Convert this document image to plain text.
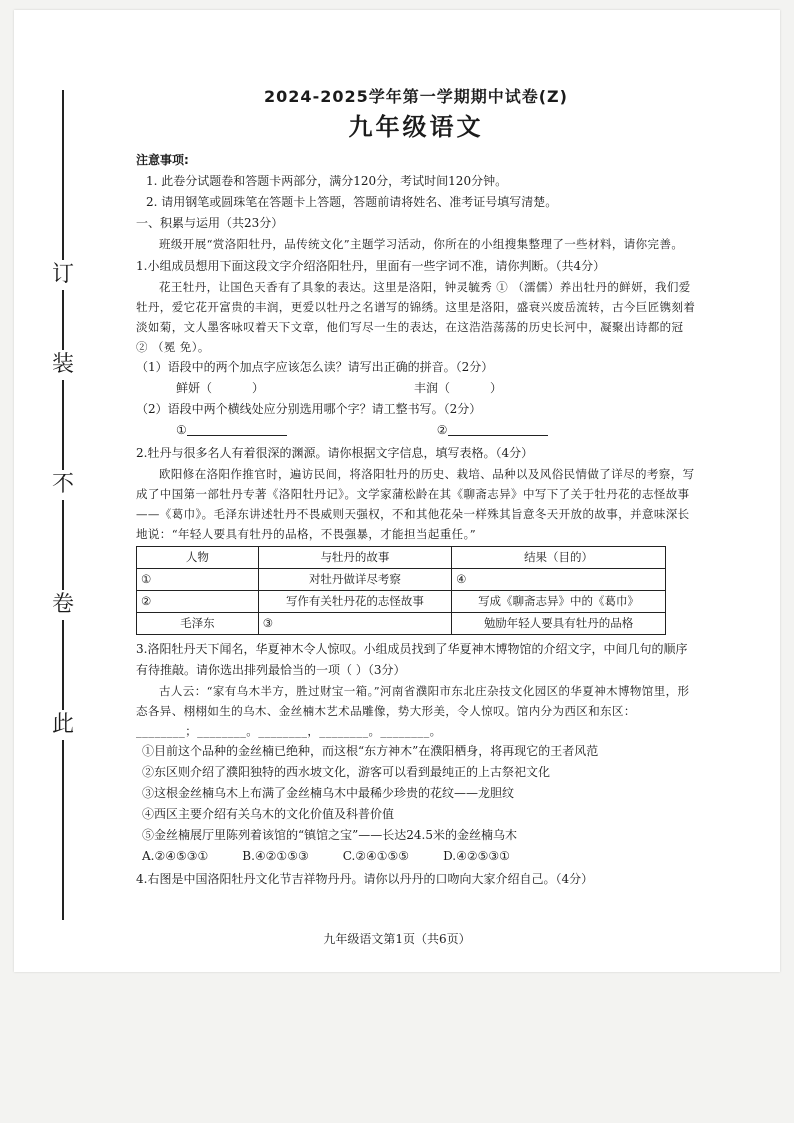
此
卷
不
装
订
2024-2025学年第一学期期中试卷(Z)
九年级语文
注意事项:
1. 此卷分试题卷和答题卡两部分，满分120分，考试时间120分钟。
2. 请用钢笔或圆珠笔在答题卡上答题，答题前请将姓名、准考证号填写清楚。
一、积累与运用（共23分）
班级开展“赏洛阳牡丹，品传统文化”主题学习活动，你所在的小组搜集整理了一些材料，请你完善。
1.小组成员想用下面这段文字介绍洛阳牡丹，里面有一些字词不准，请你判断。（共4分）
花王牡丹，让国色天香有了具象的表达。这里是洛阳，钟灵毓秀 ① （濡儒）养出牡丹的鲜妍，我们爱牡丹，爱它花开富贵的丰润，更爱以牡丹之名谱写的锦绣。这里是洛阳，盛衰兴废岳流转，古今巨匠镌刻着淡如菊，文人墨客咏叹着天下文章，他们写尽一生的表达，在这浩浩荡荡的历史长河中，凝聚出诗都的冠 ② （冕 免）。
（1）语段中的两个加点字应该怎么读？请写出正确的拼音。（2分）
鲜妍（	）	丰润（	）
（2）语段中两个横线处应分别选用哪个字？请工整书写。（2分）
①	②
2.牡丹与很多名人有着很深的渊源。请你根据文字信息，填写表格。（4分）
欧阳修在洛阳作推官时，遍访民间，将洛阳牡丹的历史、栽培、品种以及风俗民情做了详尽的考察，写成了中国第一部牡丹专著《洛阳牡丹记》。文学家蒲松龄在其《聊斋志异》中写下了关于牡丹花的志怪故事——《葛巾》。毛泽东讲述牡丹不畏威则天强权，不和其他花朵一样殊其旨意冬天开放的故事，并意味深长地说：“年轻人要具有牡丹的品格，不畏强暴，才能担当起重任。”
人物	与牡丹的故事	结果（目的）
①	对牡丹做详尽考察	④
②	写作有关牡丹花的志怪故事	写成《聊斋志异》中的《葛巾》
毛泽东	③	勉励年轻人要具有牡丹的品格
3.洛阳牡丹天下闻名，华夏神木令人惊叹。小组成员找到了华夏神木博物馆的介绍文字，中间几句的顺序有待推敲。请你选出排列最恰当的一项（ ）（3分）
古人云：“家有乌木半方，胜过财宝一箱。”河南省濮阳市东北庄杂技文化园区的华夏神木博物馆里，形态各异、栩栩如生的乌木、金丝楠木艺术品雕像，势大形美，令人惊叹。馆内分为西区和东区：________；________。________，________。________。
①目前这个品种的金丝楠已绝种，而这根“东方神木”在濮阳栖身，将再现它的王者风范
②东区则介绍了濮阳独特的西水坡文化，游客可以看到最纯正的上古祭祀文化
③这根金丝楠乌木上布满了金丝楠乌木中最稀少珍贵的花纹——龙胆纹
④西区主要介绍有关乌木的文化价值及科普价值
⑤金丝楠展厅里陈列着该馆的“镇馆之宝”——长达24.5米的金丝楠乌木
A.②④⑤③①	B.④②①⑤③	C.②④①⑤⑤	D.④②⑤③①
4.右图是中国洛阳牡丹文化节吉祥物丹丹。请你以丹丹的口吻向大家介绍自己。（4分）
九年级语文第1页（共6页）
